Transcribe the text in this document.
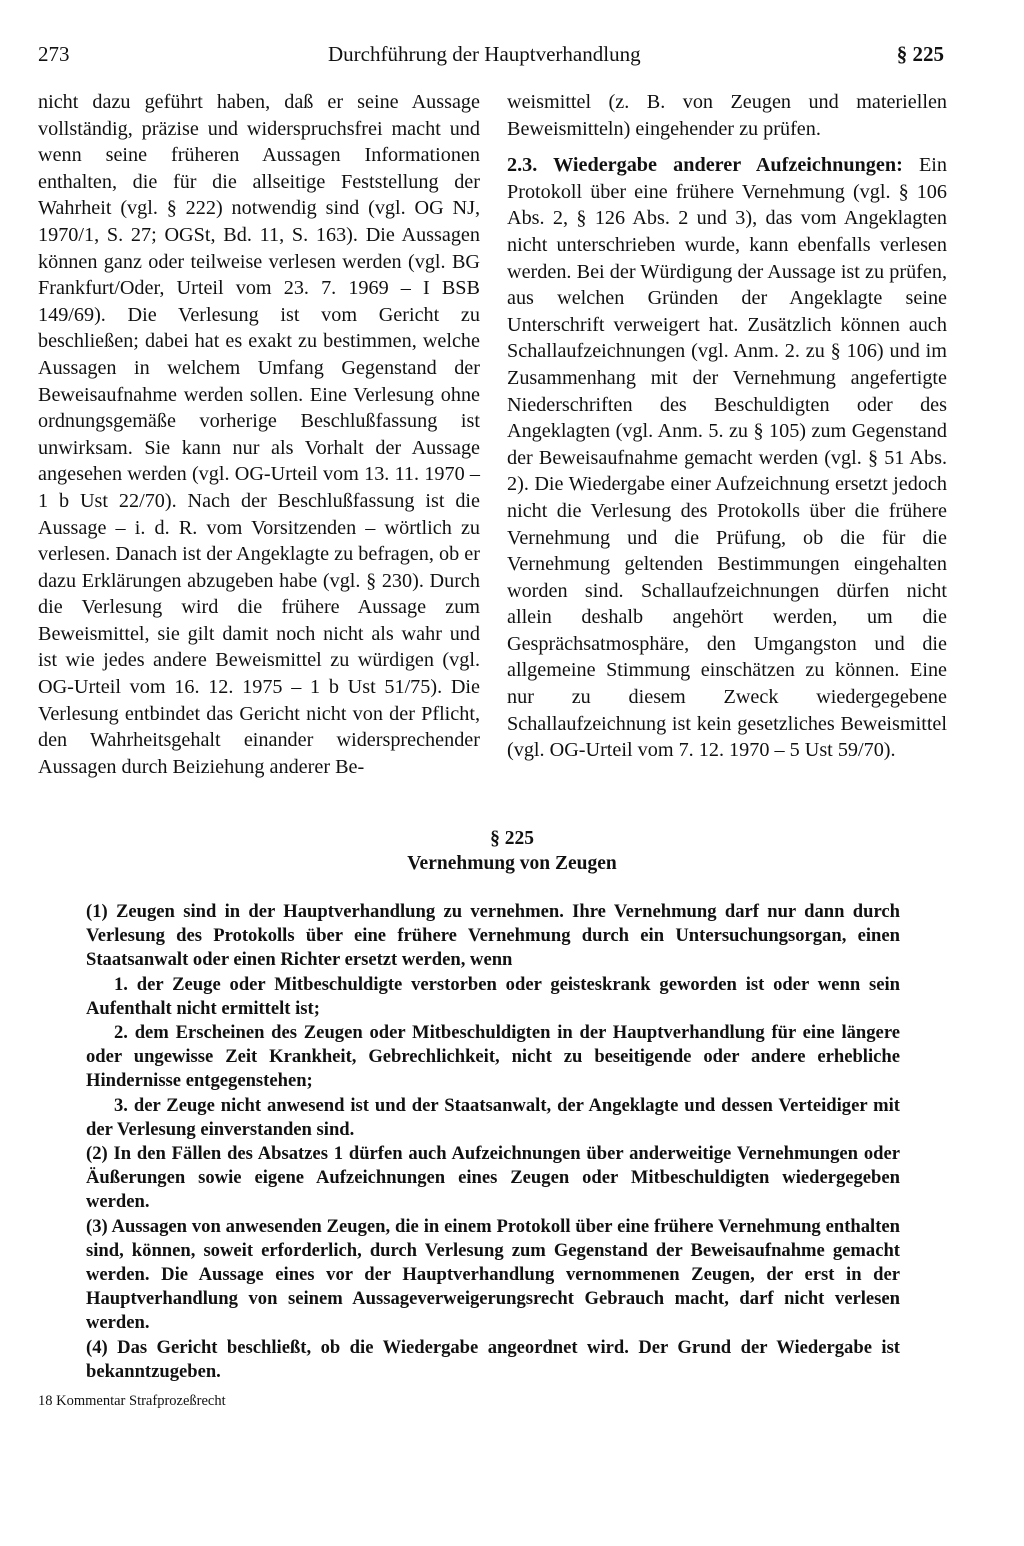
273	Durchführung der Hauptverhandlung	§ 225

nicht dazu geführt haben, daß er seine Aussage vollständig, präzise und widerspruchsfrei macht und wenn seine früheren Aussagen Informationen enthalten, die für die allseitige Feststellung der Wahrheit (vgl. § 222) notwendig sind (vgl. OG NJ, 1970/1, S. 27; OGSt, Bd. 11, S. 163). Die Aussagen können ganz oder teilweise verlesen werden (vgl. BG Frankfurt/Oder, Urteil vom 23. 7. 1969 – I BSB 149/69). Die Verlesung ist vom Gericht zu beschließen; dabei hat es exakt zu bestimmen, welche Aussagen in welchem Umfang Gegenstand der Beweisaufnahme werden sollen. Eine Verlesung ohne ordnungsgemäße vorherige Beschlußfassung ist unwirksam. Sie kann nur als Vorhalt der Aussage angesehen werden (vgl. OG-Urteil vom 13. 11. 1970 – 1 b Ust 22/70). Nach der Beschlußfassung ist die Aussage – i. d. R. vom Vorsitzenden – wörtlich zu verlesen. Danach ist der Angeklagte zu befragen, ob er dazu Erklärungen abzugeben habe (vgl. § 230). Durch die Verlesung wird die frühere Aussage zum Beweismittel, sie gilt damit noch nicht als wahr und ist wie jedes andere Beweismittel zu würdigen (vgl. OG-Urteil vom 16. 12. 1975 – 1 b Ust 51/75). Die Verlesung entbindet das Gericht nicht von der Pflicht, den Wahrheitsgehalt einander widersprechender Aussagen durch Beiziehung anderer Be-

weismittel (z. B. von Zeugen und materiellen Beweismitteln) eingehender zu prüfen.

2.3. Wiedergabe anderer Aufzeichnungen: Ein Protokoll über eine frühere Vernehmung (vgl. § 106 Abs. 2, § 126 Abs. 2 und 3), das vom Angeklagten nicht unterschrieben wurde, kann ebenfalls verlesen werden. Bei der Würdigung der Aussage ist zu prüfen, aus welchen Gründen der Angeklagte seine Unterschrift verweigert hat. Zusätzlich können auch Schallaufzeichnungen (vgl. Anm. 2. zu § 106) und im Zusammenhang mit der Vernehmung angefertigte Niederschriften des Beschuldigten oder des Angeklagten (vgl. Anm. 5. zu § 105) zum Gegenstand der Beweisaufnahme gemacht werden (vgl. § 51 Abs. 2). Die Wiedergabe einer Aufzeichnung ersetzt jedoch nicht die Verlesung des Protokolls über die frühere Vernehmung und die Prüfung, ob die für die Vernehmung geltenden Bestimmungen eingehalten worden sind. Schallaufzeichnungen dürfen nicht allein deshalb angehört werden, um die Gesprächsatmosphäre, den Umgangston und die allgemeine Stimmung einschätzen zu können. Eine nur zu diesem Zweck wiedergegebene Schallaufzeichnung ist kein gesetzliches Beweismittel (vgl. OG-Urteil vom 7. 12. 1970 – 5 Ust 59/70).

§ 225
Vernehmung von Zeugen

(1) Zeugen sind in der Hauptverhandlung zu vernehmen. Ihre Vernehmung darf nur dann durch Verlesung des Protokolls über eine frühere Vernehmung durch ein Untersuchungsorgan, einen Staatsanwalt oder einen Richter ersetzt werden, wenn

1. der Zeuge oder Mitbeschuldigte verstorben oder geisteskrank geworden ist oder wenn sein Aufenthalt nicht ermittelt ist;

2. dem Erscheinen des Zeugen oder Mitbeschuldigten in der Hauptverhandlung für eine längere oder ungewisse Zeit Krankheit, Gebrechlichkeit, nicht zu beseitigende oder andere erhebliche Hindernisse entgegenstehen;

3. der Zeuge nicht anwesend ist und der Staatsanwalt, der Angeklagte und dessen Verteidiger mit der Verlesung einverstanden sind.

(2) In den Fällen des Absatzes 1 dürfen auch Aufzeichnungen über anderweitige Vernehmungen oder Äußerungen sowie eigene Aufzeichnungen eines Zeugen oder Mitbeschuldigten wiedergegeben werden.

(3) Aussagen von anwesenden Zeugen, die in einem Protokoll über eine frühere Vernehmung enthalten sind, können, soweit erforderlich, durch Verlesung zum Gegenstand der Beweisaufnahme gemacht werden. Die Aussage eines vor der Hauptverhandlung vernommenen Zeugen, der erst in der Hauptverhandlung von seinem Aussageverweigerungsrecht Gebrauch macht, darf nicht verlesen werden.

(4) Das Gericht beschließt, ob die Wiedergabe angeordnet wird. Der Grund der Wiedergabe ist bekanntzugeben.

18 Kommentar Strafprozeßrecht
